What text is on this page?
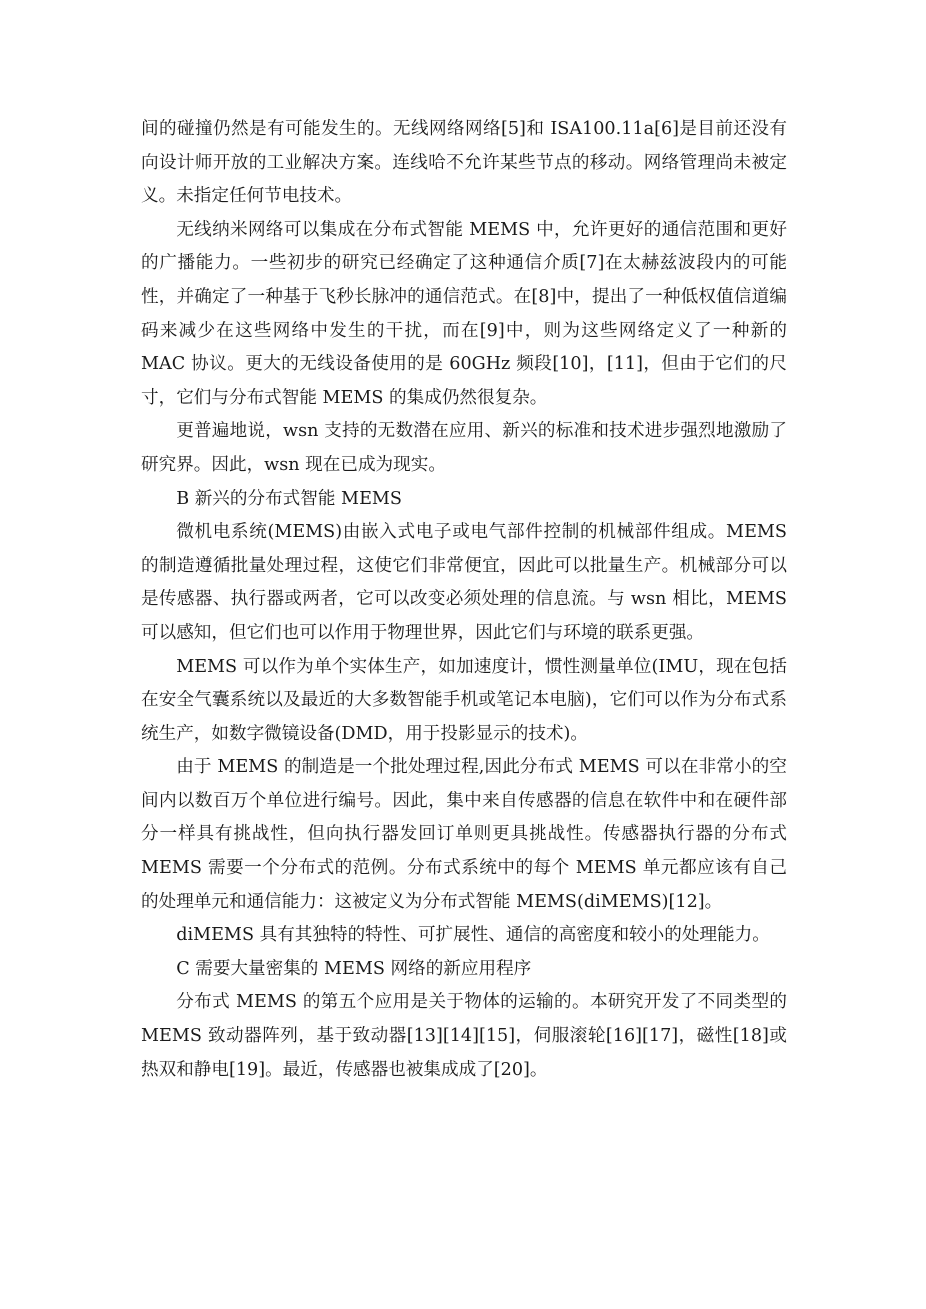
间的碰撞仍然是有可能发生的。无线网络网络[5]和 ISA100.11a[6]是目前还没有向设计师开放的工业解决方案。连线哈不允许某些节点的移动。网络管理尚未被定义。未指定任何节电技术。

无线纳米网络可以集成在分布式智能 MEMS 中，允许更好的通信范围和更好的广播能力。一些初步的研究已经确定了这种通信介质[7]在太赫兹波段内的可能性，并确定了一种基于飞秒长脉冲的通信范式。在[8]中，提出了一种低权值信道编码来减少在这些网络中发生的干扰，而在[9]中，则为这些网络定义了一种新的 MAC 协议。更大的无线设备使用的是 60GHz 频段[10]，[11]，但由于它们的尺寸，它们与分布式智能 MEMS 的集成仍然很复杂。

更普遍地说，wsn 支持的无数潜在应用、新兴的标准和技术进步强烈地激励了研究界。因此，wsn 现在已成为现实。

B 新兴的分布式智能 MEMS

微机电系统(MEMS)由嵌入式电子或电气部件控制的机械部件组成。MEMS 的制造遵循批量处理过程，这使它们非常便宜，因此可以批量生产。机械部分可以是传感器、执行器或两者，它可以改变必须处理的信息流。与 wsn 相比，MEMS 可以感知，但它们也可以作用于物理世界，因此它们与环境的联系更强。

MEMS 可以作为单个实体生产，如加速度计，惯性测量单位(IMU，现在包括在安全气囊系统以及最近的大多数智能手机或笔记本电脑)，它们可以作为分布式系统生产，如数字微镜设备(DMD，用于投影显示的技术)。

由于 MEMS 的制造是一个批处理过程,因此分布式 MEMS 可以在非常小的空间内以数百万个单位进行编号。因此，集中来自传感器的信息在软件中和在硬件部分一样具有挑战性，但向执行器发回订单则更具挑战性。传感器执行器的分布式 MEMS 需要一个分布式的范例。分布式系统中的每个 MEMS 单元都应该有自己的处理单元和通信能力：这被定义为分布式智能 MEMS(diMEMS)[12]。

diMEMS 具有其独特的特性、可扩展性、通信的高密度和较小的处理能力。

C 需要大量密集的 MEMS 网络的新应用程序

分布式 MEMS 的第五个应用是关于物体的运输的。本研究开发了不同类型的 MEMS 致动器阵列，基于致动器[13][14][15]，伺服滚轮[16][17]，磁性[18]或热双和静电[19]。最近，传感器也被集成成了[20]。
